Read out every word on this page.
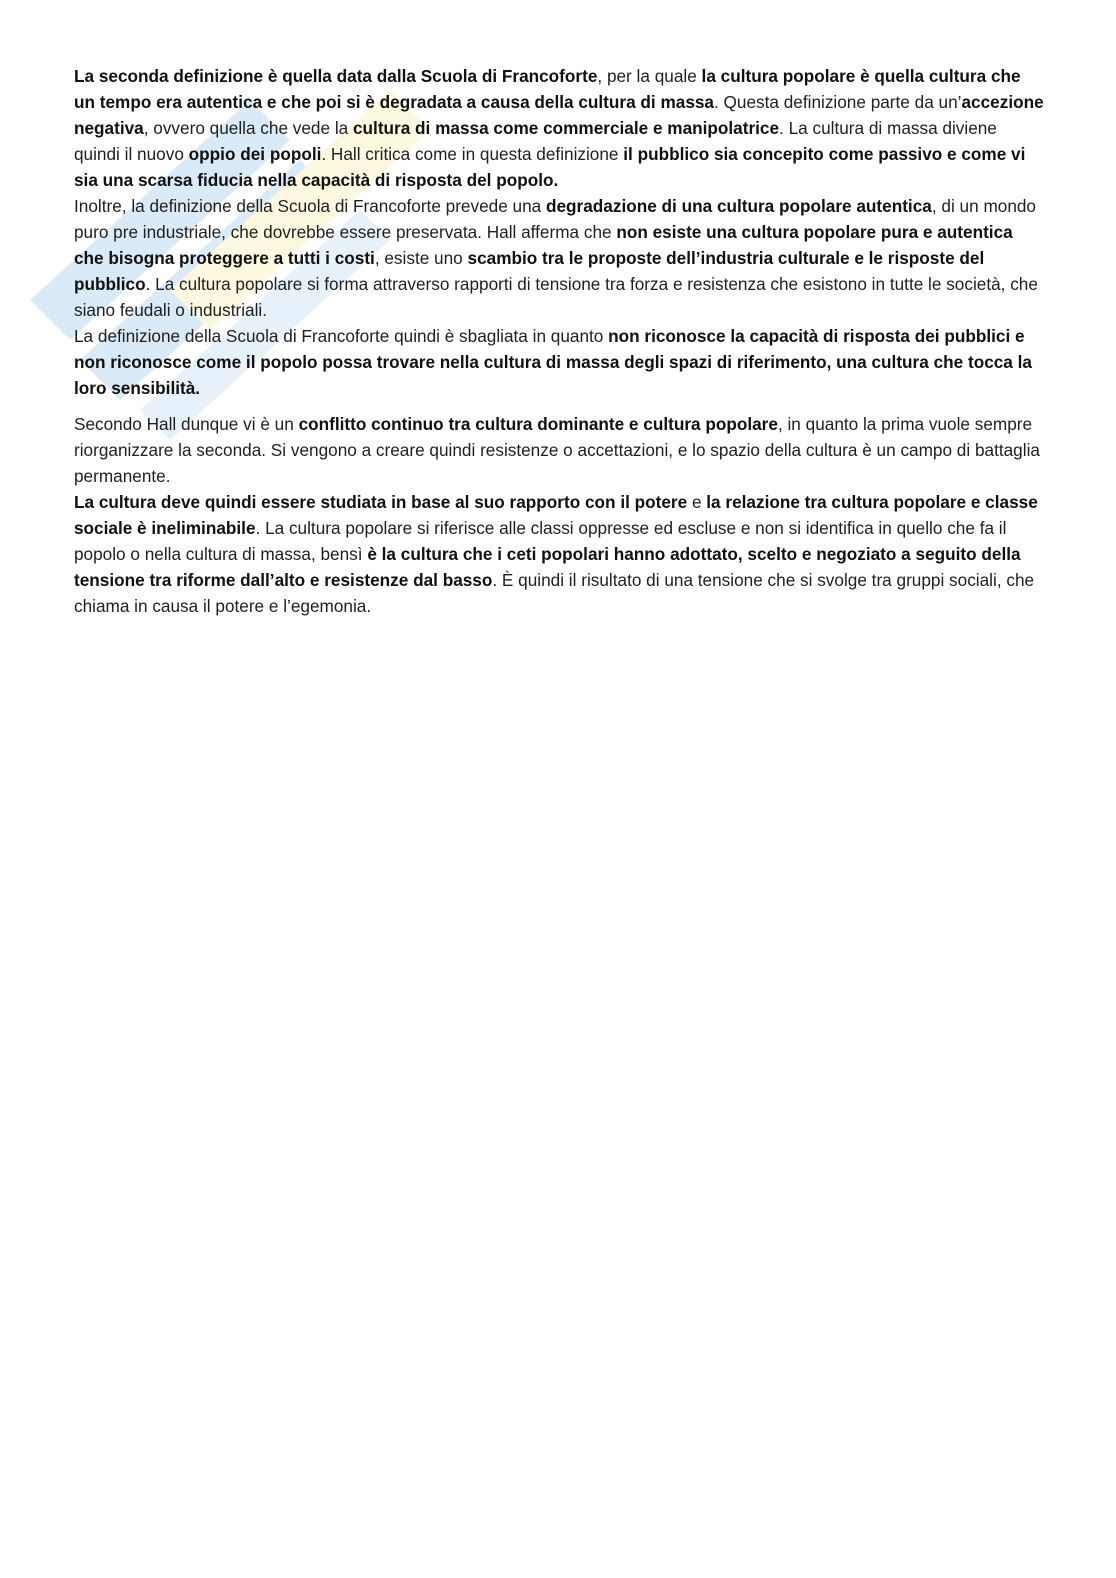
La seconda definizione è quella data dalla Scuola di Francoforte, per la quale la cultura popolare è quella cultura che un tempo era autentica e che poi si è degradata a causa della cultura di massa. Questa definizione parte da un’accezione negativa, ovvero quella che vede la cultura di massa come commerciale e manipolatrice. La cultura di massa diviene quindi il nuovo oppio dei popoli. Hall critica come in questa definizione il pubblico sia concepito come passivo e come vi sia una scarsa fiducia nella capacità di risposta del popolo.

Inoltre, la definizione della Scuola di Francoforte prevede una degradazione di una cultura popolare autentica, di un mondo puro pre industriale, che dovrebbe essere preservata. Hall afferma che non esiste una cultura popolare pura e autentica che bisogna proteggere a tutti i costi, esiste uno scambio tra le proposte dell’industria culturale e le risposte del pubblico. La cultura popolare si forma attraverso rapporti di tensione tra forza e resistenza che esistono in tutte le società, che siano feudali o industriali.

La definizione della Scuola di Francoforte quindi è sbagliata in quanto non riconosce la capacità di risposta dei pubblici e non riconosce come il popolo possa trovare nella cultura di massa degli spazi di riferimento, una cultura che tocca la loro sensibilità.

Secondo Hall dunque vi è un conflitto continuo tra cultura dominante e cultura popolare, in quanto la prima vuole sempre riorganizzare la seconda. Si vengono a creare quindi resistenze o accettazioni, e lo spazio della cultura è un campo di battaglia permanente.

La cultura deve quindi essere studiata in base al suo rapporto con il potere e la relazione tra cultura popolare e classe sociale è ineliminabile. La cultura popolare si riferisce alle classi oppresse ed escluse e non si identifica in quello che fa il popolo o nella cultura di massa, bensì è la cultura che i ceti popolari hanno adottato, scelto e negoziato a seguito della tensione tra riforme dall’alto e resistenze dal basso. È quindi il risultato di una tensione che si svolge tra gruppi sociali, che chiama in causa il potere e l’egemonia.
